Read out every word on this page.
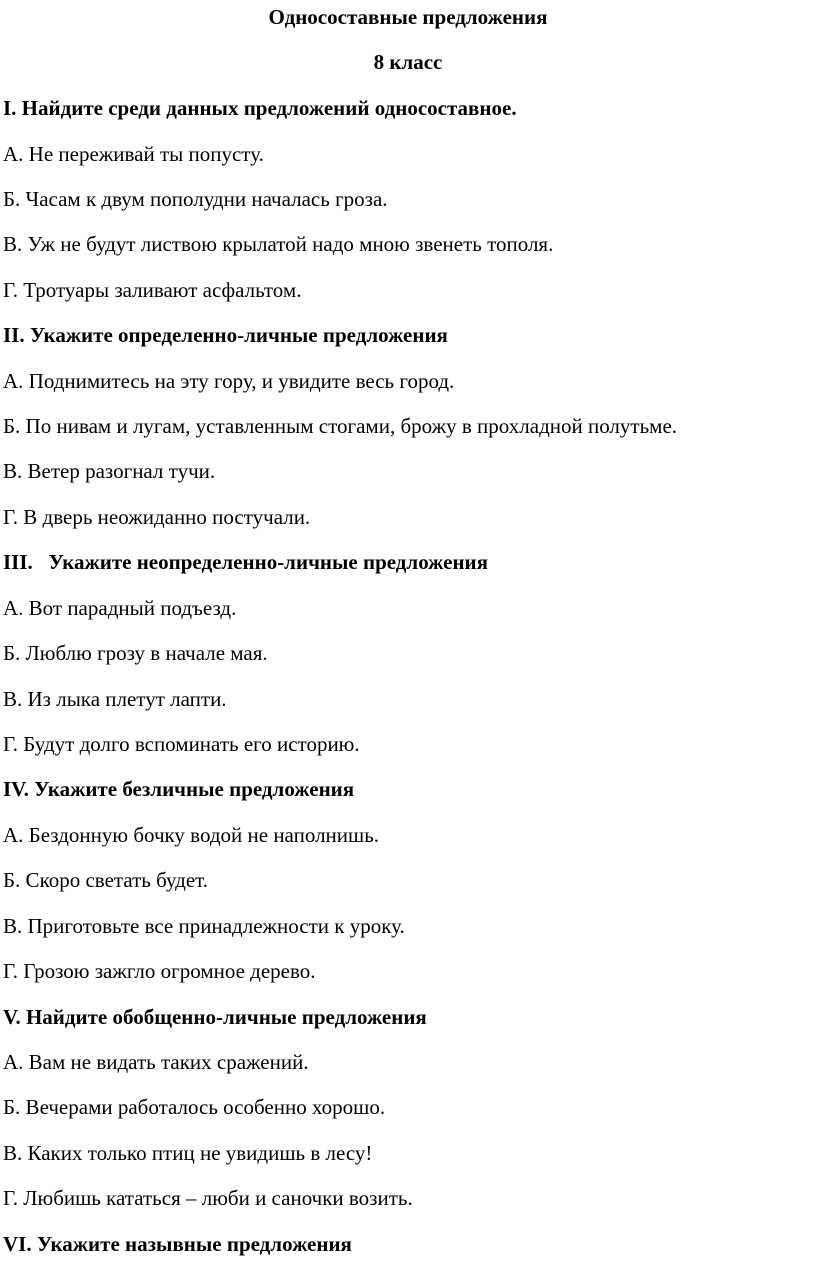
Односоставные предложения
8 класс
I. Найдите среди данных предложений односоставное.
А. Не переживай ты попусту.
Б. Часам к двум пополудни началась гроза.
В. Уж не будут листвою крылатой надо мною звенеть тополя.
Г. Тротуары заливают асфальтом.
II. Укажите определенно-личные предложения
А. Поднимитесь на эту гору, и увидите весь город.
Б. По нивам и лугам, уставленным стогами, брожу в прохладной полутьме.
В. Ветер разогнал тучи.
Г. В дверь неожиданно постучали.
III.   Укажите неопределенно-личные предложения
А. Вот парадный подъезд.
Б. Люблю грозу в начале мая.
В. Из лыка плетут лапти.
Г. Будут долго вспоминать его историю.
IV. Укажите безличные предложения
А. Бездонную бочку водой не наполнишь.
Б. Скоро светать будет.
В. Приготовьте все принадлежности к уроку.
Г. Грозою зажгло огромное дерево.
V. Найдите обобщенно-личные предложения
А. Вам не видать таких сражений.
Б. Вечерами работалось особенно хорошо.
В. Каких только птиц не увидишь в лесу!
Г. Любишь кататься – люби и саночки возить.
VI. Укажите назывные предложения
